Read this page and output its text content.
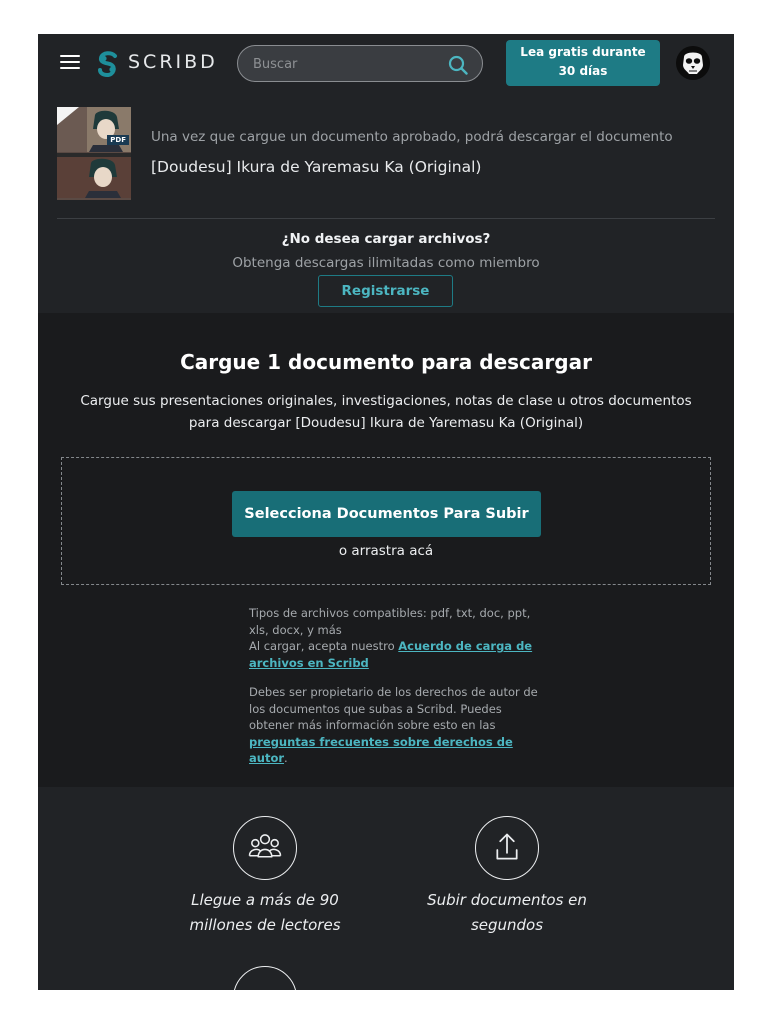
SCRIBD
Buscar	Lea gratis durante 30 días
PDF Una vez que cargue un documento aprobado, podrá descargar el documento
[Doudesu] Ikura de Yaremasu Ka (Original)
¿No desea cargar archivos?
Obtenga descargas ilimitadas como miembro
Registrarse
Cargue 1 documento para descargar
Cargue sus presentaciones originales, investigaciones, notas de clase u otros documentos para descargar [Doudesu] Ikura de Yaremasu Ka (Original)
Selecciona Documentos Para Subir
o arrastra acá
Tipos de archivos compatibles: pdf, txt, doc, ppt, xls, docx, y más
Al cargar, acepta nuestro Acuerdo de carga de archivos en Scribd
Debes ser propietario de los derechos de autor de los documentos que subas a Scribd. Puedes obtener más información sobre esto en las preguntas frecuentes sobre derechos de autor.
Llegue a más de 90 millones de lectores
Subir documentos en segundos
